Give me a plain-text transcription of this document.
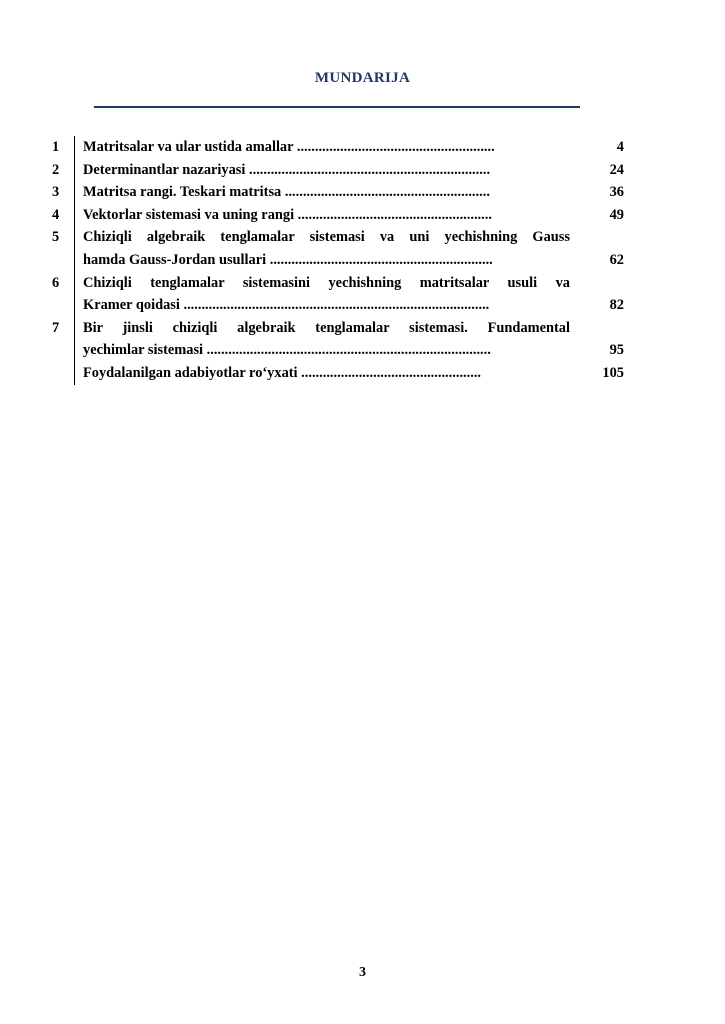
MUNDARIJA
1	Matritsalar va ular ustida amallar .......................................................	4
2	Determinantlar nazariyasi ...................................................................	24
3	Matritsa rangi. Teskari matritsa .........................................................	36
4	Vektorlar sistemasi va uning rangi ......................................................	49
5	Chiziqli algebraik tenglamalar sistemasi va uni yechishning Gauss
hamda Gauss-Jordan usullari ..............................................................	62
6	Chiziqli tenglamalar sistemasini yechishning matritsalar usuli va
Kramer qoidasi .....................................................................................	82
7	Bir jinsli chiziqli algebraik tenglamalar sistemasi. Fundamental
yechimlar sistemasi ...............................................................................	95
Foydalanilgan adabiyotlar ro‘yxati ..................................................	105
3
